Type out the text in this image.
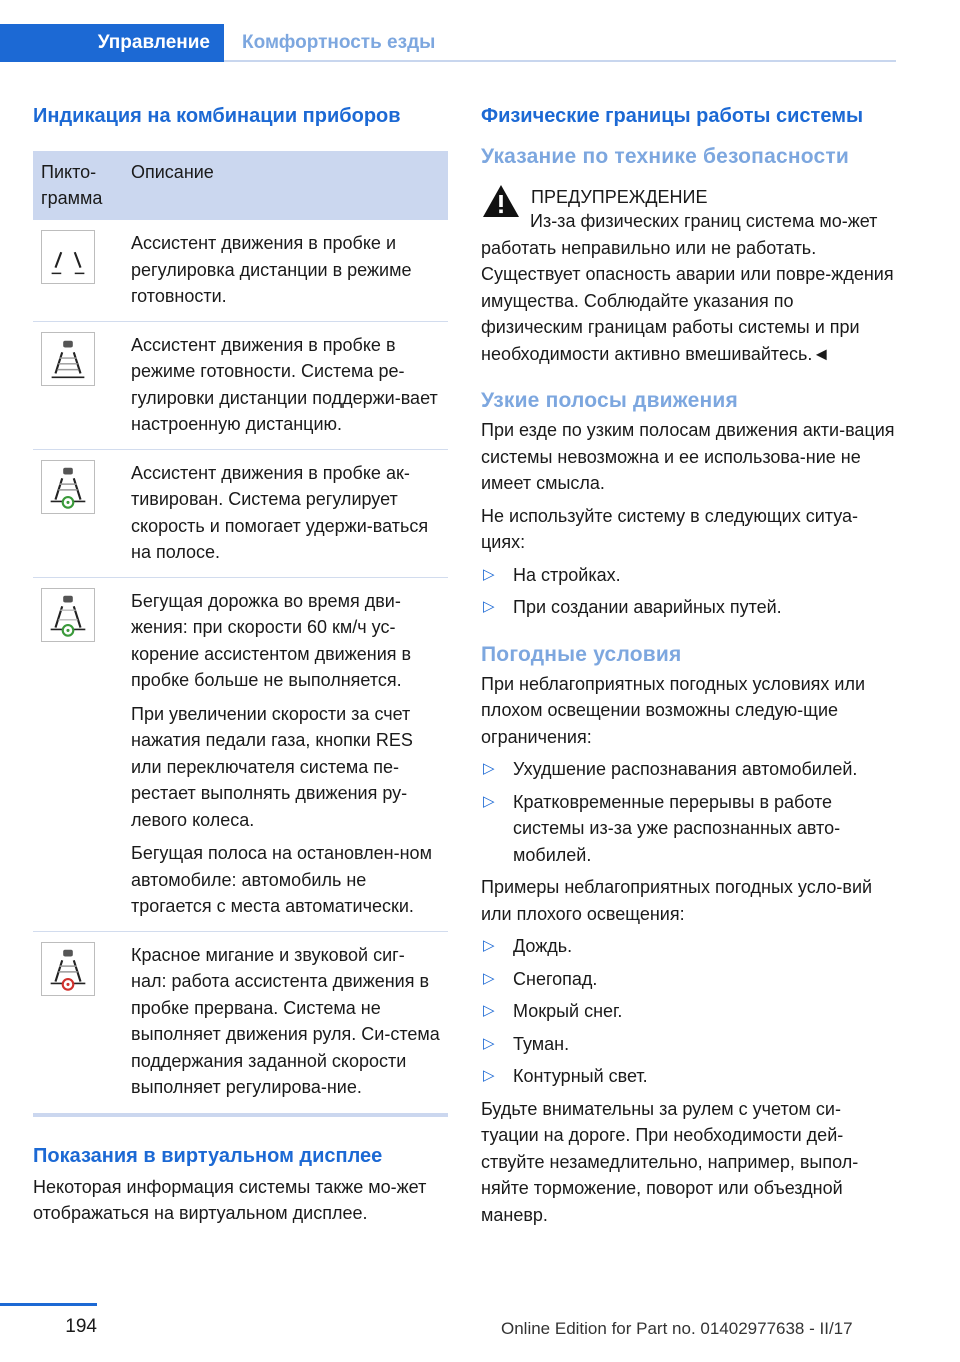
Управление	Комфортность езды
Индикация на комбинации приборов
Пикто-
грамма
Описание

Ассистент движения в пробке и регулировка дистанции в режиме готовности.

Ассистент движения в пробке в режиме готовности. Система ре-гулировки дистанции поддержи-вает настроенную дистанцию.

Ассистент движения в пробке ак-тивирован. Система регулирует скорость и помогает удержи-ваться на полосе.

Бегущая дорожка во время дви-жения: при скорости 60 км/ч ус-корение ассистентом движения в пробке больше не выполняется.

При увеличении скорости за счет нажатия педали газа, кнопки RES или переключателя система пе-рестает выполнять движения ру-левого колеса.

Бегущая полоса на остановлен-ном автомобиле: автомобиль не трогается с места автоматически.

Красное мигание и звуковой сиг-нал: работа ассистента движения в пробке прервана. Система не выполняет движения руля. Си-стема поддержания заданной скорости выполняет регулирова-ние.

Показания в виртуальном дисплее

Некоторая информация системы также мо-жет отображаться на виртуальном дисплее.

Физические границы работы системы
Указание по технике безопасности

ПРЕДУПРЕЖДЕНИЕ

Из-за физических границ система мо-жет работать неправильно или не работать. Существует опасность аварии или повре-ждения имущества. Соблюдайте указания по физическим границам работы системы и при необходимости активно вмешивайтесь.◄

Узкие полосы движения

При езде по узким полосам движения акти-вация системы невозможна и ее использова-ние не имеет смысла.

Не используйте систему в следующих ситуа-циях:

▷ На стройках.
▷ При создании аварийных путей.
Погодные условия

При неблагоприятных погодных условиях или плохом освещении возможны следую-щие ограничения:

▷ Ухудшение распознавания автомобилей.
▷ Кратковременные перерывы в работе системы из-за уже распознанных авто-мобилей.

Примеры неблагоприятных погодных усло-вий или плохого освещения:

▷ Дождь.
▷ Снегопад.
▷ Мокрый снег.
▷ Туман.
▷ Контурный свет.

Будьте внимательны за рулем с учетом си-туации на дороге. При необходимости дей-ствуйте незамедлительно, например, выпол-няйте торможение, поворот или объездной маневр.

194	Online Edition for Part no. 01402977638 - II/17
